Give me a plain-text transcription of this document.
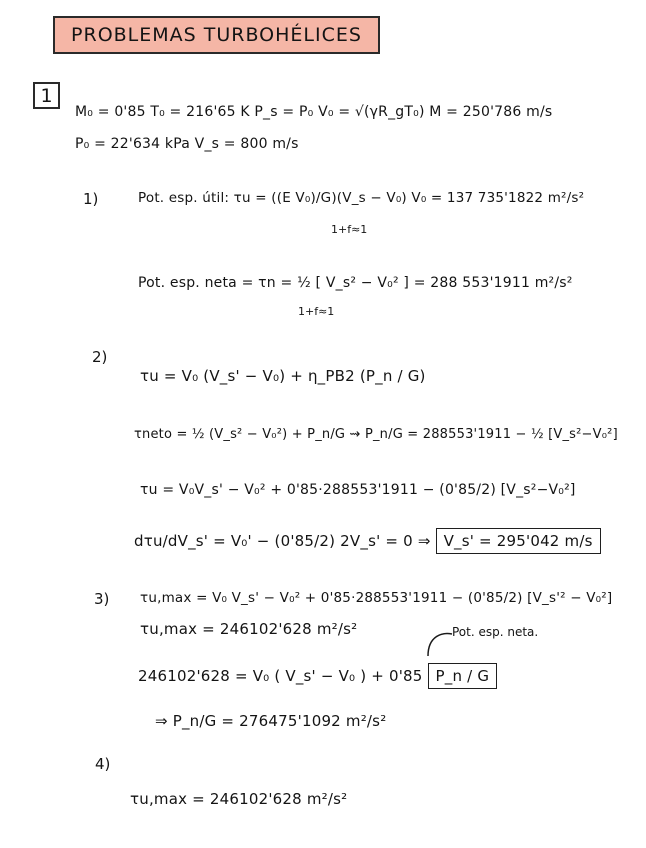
PROBLEMAS TURBOHÉLICES
1
M₀ = 0'85 T₀ = 216'65 K P_s = P₀ V₀ = √(γR_gT₀) M = 250'786 m/s
P₀ = 22'634 kPa V_s = 800 m/s
1)	Pot. esp. útil: τu = ((E V₀)/G)(V_s − V₀) V₀ = 137 735'1822 m²/s²
1+f≈1
Pot. esp. neta = τn = ½ [ V_s² − V₀² ] = 288 553'1911 m²/s²
1+f≈1
2)
τu = V₀ (V_s' − V₀) + η_PB2 (P_n / G)
τneto = ½ (V_s² − V₀²) + P_n/G ⇝ P_n/G = 288553'1911 − ½ [V_s²−V₀²]
τu = V₀V_s' − V₀² + 0'85·288553'1911 − (0'85/2) [V_s²−V₀²]
dτu/dV_s' = V₀' − (0'85/2) 2V_s' = 0 ⇒ V_s' = 295'042 m/s
3) τu,max = V₀ V_s' − V₀² + 0'85·288553'1911 − (0'85/2) [V_s'² − V₀²]
τu,max = 246102'628 m²/s²	Pot. esp. neta.
246102'628 = V₀ ( V_s' − V₀ ) + 0'85 P_n / G
⇒ P_n/G = 276475'1092 m²/s²
4)
τu,max = 246102'628 m²/s²
